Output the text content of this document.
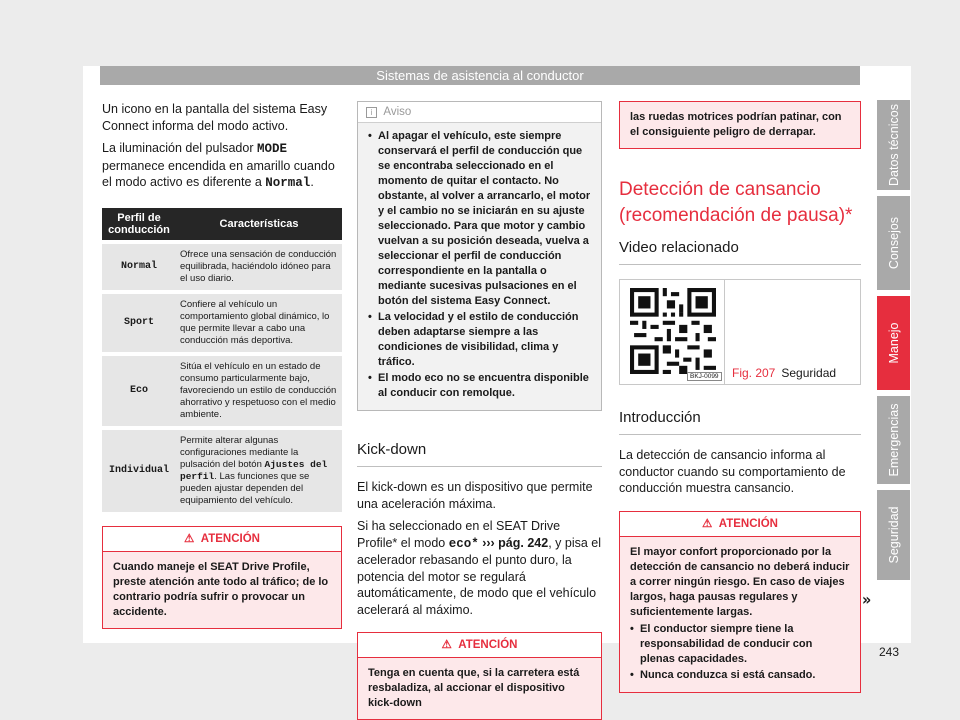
Sistemas de asistencia al conductor

Un icono en la pantalla del sistema Easy Connect informa del modo activo.

La iluminación del pulsador MODE permanece encendida en amarillo cuando el modo activo es diferente a Normal.

Perfil de conducción	Características
Normal	Ofrece una sensación de conducción equilibrada, haciéndolo idóneo para el uso diario.
Sport	Confiere al vehículo un comportamiento global dinámico, lo que permite llevar a cabo una conducción más deportiva.
Eco	Sitúa el vehículo en un estado de consumo particularmente bajo, favoreciendo un estilo de conducción ahorrativo y respetuoso con el medio ambiente.
Individual	Permite alterar algunas configuraciones mediante la pulsación del botón Ajustes del perfil. Las funciones que se pueden ajustar dependen del equipamiento del vehículo.
⚠ ATENCIÓN
Cuando maneje el SEAT Drive Profile, preste atención ante todo al tráfico; de lo contrario podría sufrir o provocar un accidente.
i Aviso
• Al apagar el vehículo, este siempre conservará el perfil de conducción que se encontraba seleccionado en el momento de quitar el contacto. No obstante, al volver a arrancarlo, el motor y el cambio no se iniciarán en su ajuste seleccionado. Para que motor y cambio vuelvan a su posición deseada, vuelva a seleccionar el perfil de conducción correspondiente en la pantalla o mediante sucesivas pulsaciones en el botón del sistema Easy Connect.
• La velocidad y el estilo de conducción deben adaptarse siempre a las condiciones de visibilidad, clima y tráfico.
• El modo eco no se encuentra disponible al conducir con remolque.
Kick-down

El kick-down es un dispositivo que permite una aceleración máxima.

Si ha seleccionado en el SEAT Drive Profile* el modo eco* ››› pág. 242, y pisa el acelerador rebasando el punto duro, la potencia del motor se regulará automáticamente, de modo que el vehículo acelerará al máximo.

⚠ ATENCIÓN
Tenga en cuenta que, si la carretera está resbaladiza, al accionar el dispositivo kick-down
las ruedas motrices podrían patinar, con el consiguiente peligro de derrapar.
Detección de cansancio (recomendación de pausa)*
Video relacionado
BKJ-0099 Fig. 207 Seguridad
Introducción

La detección de cansancio informa al conductor cuando su comportamiento de conducción muestra cansancio.

⚠ ATENCIÓN
El mayor confort proporcionado por la detección de cansancio no deberá inducir a correr ningún riesgo. En caso de viajes largos, haga pausas regulares y suficientemente largas.
• El conductor siempre tiene la responsabilidad de conducir con plenas capacidades.
• Nunca conduzca si está cansado.
»
Datos técnicos
Consejos
Manejo
Emergencias
Seguridad
243
